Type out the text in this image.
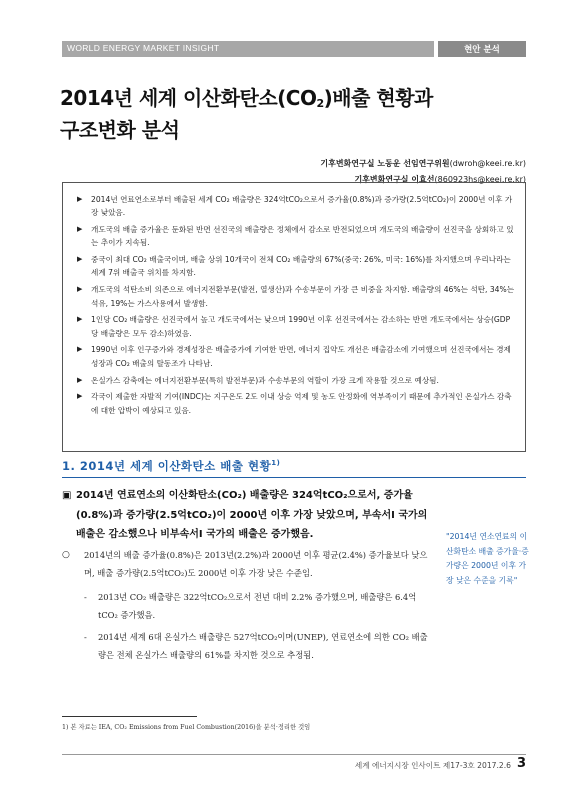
WORLD ENERGY MARKET INSIGHT	현안 분석
2014년 세계 이산화탄소$(CO_2)$배출 현황과
구조변화 분석
기후변화연구실 노동운 선임연구위원(dwroh@keei.re.kr)
기후변화연구실 이효선(860923hs@keei.re.kr)
▶ 2014년 연료연소로부터 배출된 세계 CO₂ 배출량은 324억tCO₂으로서 증가율(0.8%)과 증가량(2.5억tCO₂)이 2000년 이후 가장 낮았음.
▶ 개도국의 배출 증가율은 둔화된 반면 선진국의 배출량은 정체에서 감소로 반전되었으며 개도국의 배출량이 선진국을 상회하고 있는 추이가 지속됨.
▶ 중국이 최대 CO₂ 배출국이며, 배출 상위 10개국이 전체 CO₂ 배출량의 67%(중국: 26%, 미국: 16%)를 차지했으며 우리나라는 세계 7위 배출국 위치를 차지함.
▶ 개도국의 석탄소비 의존으로 에너지전환부문(발전, 열생산)과 수송부문이 가장 큰 비중을 차지함. 배출량의 46%는 석탄, 34%는 석유, 19%는 가스사용에서 발생함.
▶ 1인당 CO₂ 배출량은 선진국에서 높고 개도국에서는 낮으며 1990년 이후 선진국에서는 감소하는 반면 개도국에서는 상승(GDP당 배출량은 모두 감소)하였음.
▶ 1990년 이후 인구증가와 경제성장은 배출증가에 기여한 반면, 에너지 집약도 개선은 배출감소에 기여했으며 선진국에서는 경제성장과 CO₂ 배출의 탈동조가 나타남.
▶ 온실가스 감축에는 에너지전환부문(특히 발전부문)과 수송부문의 역할이 가장 크게 작용할 것으로 예상됨.
▶ 각국이 제출한 자발적 기여(INDC)는 지구온도 2도 이내 상승 억제 및 농도 안정화에 역부족이기 때문에 추가적인 온실가스 감축에 대한 압박이 예상되고 있음.
1. 2014년 세계 이산화탄소 배출 현황$^{1)}$
▣ 2014년 연료연소의 이산화탄소(CO₂) 배출량은 324억tCO₂으로서, 증가율(0.8%)과 증가량(2.5억tCO₂)이 2000년 이후 가장 낮았으며, 부속서Ⅰ 국가의 배출은 감소했으나 비부속서Ⅰ 국가의 배출은 증가했음.
○	2014년의 배출 증가율(0.8%)은 2013년(2.2%)과 2000년 이후 평균(2.4%) 증가율보다 낮으며, 배출 증가량(2.5억tCO₂)도 2000년 이후 가장 낮은 수준임.
-	2013년 CO₂ 배출량은 322억tCO₂으로서 전년 대비 2.2% 증가했으며, 배출량은 6.4억tCO₂ 증가했음.
-	2014년 세계 6대 온실가스 배출량은 527억tCO₂이며(UNEP), 연료연소에 의한 CO₂ 배출량은 전체 온실가스 배출량의 61%를 차지한 것으로 추정됨.
"2014년 연소연료의 이산화탄소 배출 증가율·증가량은 2000년 이후 가장 낮은 수준을 기록"
1) 본 자료는 IEA, CO₂ Emissions from Fuel Combustion(2016)을 분석·정리한 것임
세계 에너지시장 인사이트 제17-3호 2017.2.6 3
